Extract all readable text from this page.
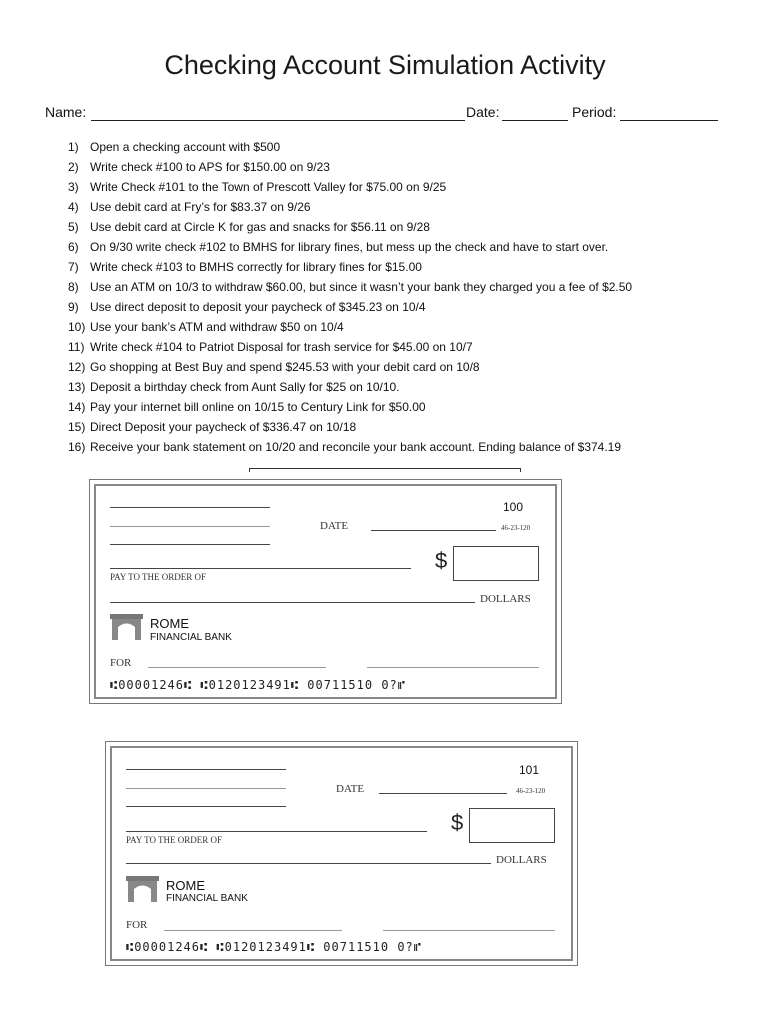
Checking Account Simulation Activity
Name:	Date:	Period:
1) Open a checking account with $500
2) Write check #100 to APS for $150.00 on 9/23
3) Write Check #101 to the Town of Prescott Valley for $75.00 on 9/25
4) Use debit card at Fry’s for $83.37 on 9/26
5) Use debit card at Circle K for gas and snacks for $56.11 on 9/28
6) On 9/30 write check #102 to BMHS for library fines, but mess up the check and have to start over.
7) Write check #103 to BMHS correctly for library fines for $15.00
8) Use an ATM on 10/3 to withdraw $60.00, but since it wasn’t your bank they charged you a fee of $2.50
9) Use direct deposit to deposit your paycheck of $345.23 on 10/4
10) Use your bank’s ATM and withdraw $50 on 10/4
11) Write check #104 to Patriot Disposal for trash service for $45.00 on 10/7
12) Go shopping at Best Buy and spend $245.53 with your debit card on 10/8
13) Deposit a birthday check from Aunt Sally for $25 on 10/10.
14) Pay your internet bill online on 10/15 to Century Link for $50.00
15) Direct Deposit your paycheck of $336.47 on 10/18
16) Receive your bank statement on 10/20 and reconcile your bank account. Ending balance of $374.19
100
DATE	46-23-120
PAY TO THE ORDER OF
$
DOLLARS
ROME
FINANCIAL BANK
FOR
⑆00001246⑆ ⑆0120123491⑆ 00711510 0?⑈
101
DATE	46-23-120
PAY TO THE ORDER OF
$
DOLLARS
ROME
FINANCIAL BANK
FOR
⑆00001246⑆ ⑆0120123491⑆ 00711510 0?⑈
